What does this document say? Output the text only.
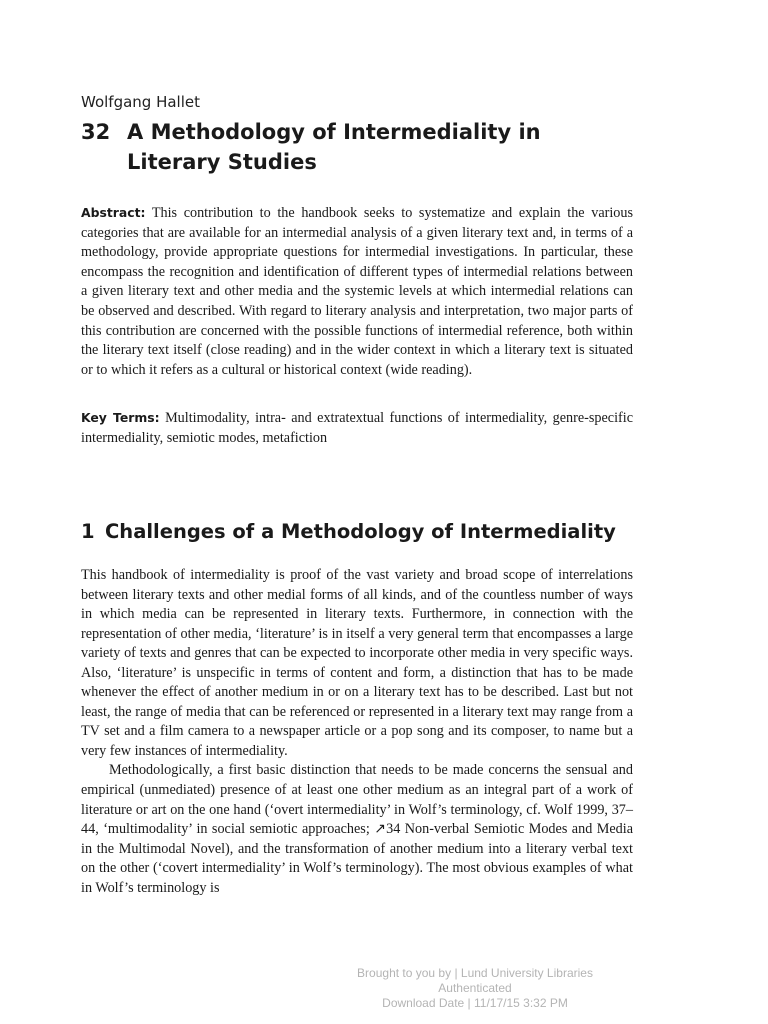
Wolfgang Hallet
32 A Methodology of Intermediality in Literary Studies

Abstract: This contribution to the handbook seeks to systematize and explain the various categories that are available for an intermedial analysis of a given literary text and, in terms of a methodology, provide appropriate questions for intermedial investigations. In particular, these encompass the recognition and identification of different types of intermedial relations between a given literary text and other media and the systemic levels at which intermedial relations can be observed and described. With regard to literary analysis and interpretation, two major parts of this contribution are concerned with the possible functions of intermedial reference, both within the literary text itself (close reading) and in the wider context in which a literary text is situated or to which it refers as a cultural or historical context (wide reading).

Key Terms: Multimodality, intra- and extratextual functions of intermediality, genre-specific intermediality, semiotic modes, metafiction

1 Challenges of a Methodology of Intermediality

This handbook of intermediality is proof of the vast variety and broad scope of interrelations between literary texts and other medial forms of all kinds, and of the countless number of ways in which media can be represented in literary texts. Furthermore, in connection with the representation of other media, ‘literature’ is in itself a very general term that encompasses a large variety of texts and genres that can be expected to incorporate other media in very specific ways. Also, ‘literature’ is unspecific in terms of content and form, a distinction that has to be made whenever the effect of another medium in or on a literary text has to be described. Last but not least, the range of media that can be referenced or represented in a literary text may range from a TV set and a film camera to a newspaper article or a pop song and its composer, to name but a very few instances of intermediality.

Methodologically, a first basic distinction that needs to be made concerns the sensual and empirical (unmediated) presence of at least one other medium as an integral part of a work of literature or art on the one hand (‘overt intermediality’ in Wolf’s terminology, cf. Wolf 1999, 37–44, ‘multimodality’ in social semiotic approaches; ↗34 Non-verbal Semiotic Modes and Media in the Multimodal Novel), and the transformation of another medium into a literary verbal text on the other (‘covert intermediality’ in Wolf’s terminology). The most obvious examples of what in Wolf’s terminology is

Brought to you by | Lund University Libraries
Authenticated
Download Date | 11/17/15 3:32 PM
